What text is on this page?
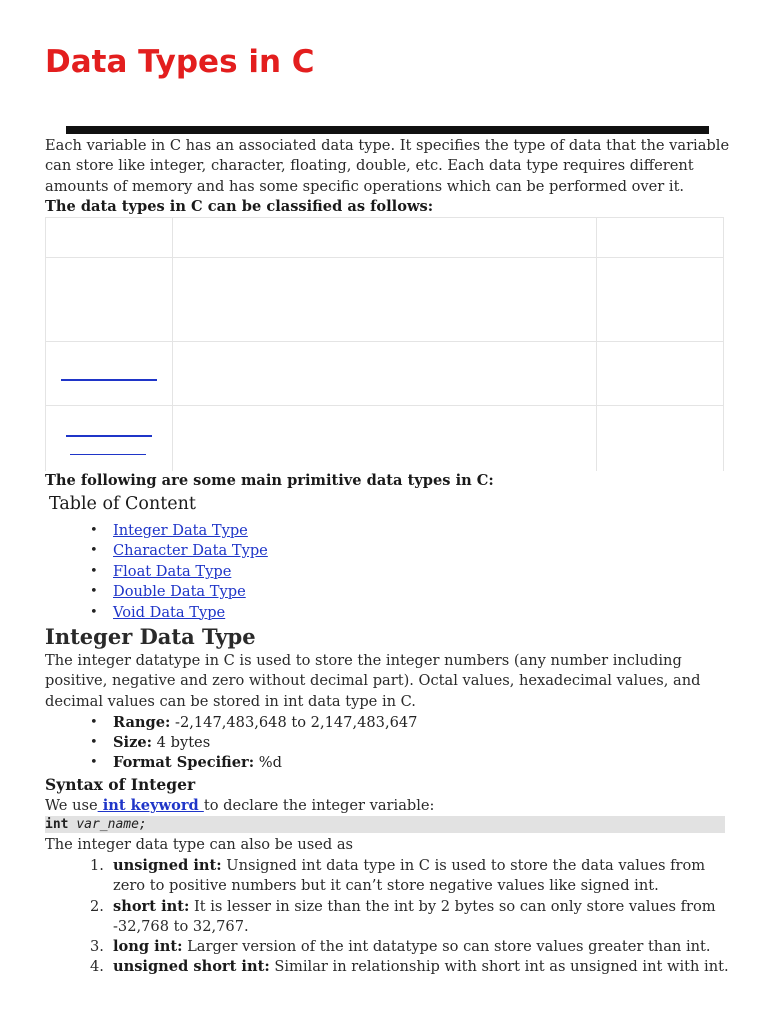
Data Types in C

Each variable in C has an associated data type. It specifies the type of data that the variable can store like integer, character, floating, double, etc. Each data type requires different amounts of memory and has some specific operations which can be performed over it.

The data types in C can be classified as follows:

The following are some main primitive data types in C:

Table of Content
• Integer Data Type
• Character Data Type
• Float Data Type
• Double Data Type
• Void Data Type
Integer Data Type

The integer datatype in C is used to store the integer numbers (any number including positive, negative and zero without decimal part). Octal values, hexadecimal values, and decimal values can be stored in int data type in C.

• Range: -2,147,483,648 to 2,147,483,647
• Size: 4 bytes
• Format Specifier: %d
Syntax of Integer

We use int keyword to declare the integer variable:

int var_name;

The integer data type can also be used as

1. unsigned int: Unsigned int data type in C is used to store the data values from zero to positive numbers but it can’t store negative values like signed int.
2. short int: It is lesser in size than the int by 2 bytes so can only store values from -32,768 to 32,767.
3. long int: Larger version of the int datatype so can store values greater than int.
4. unsigned short int: Similar in relationship with short int as unsigned int with int.
